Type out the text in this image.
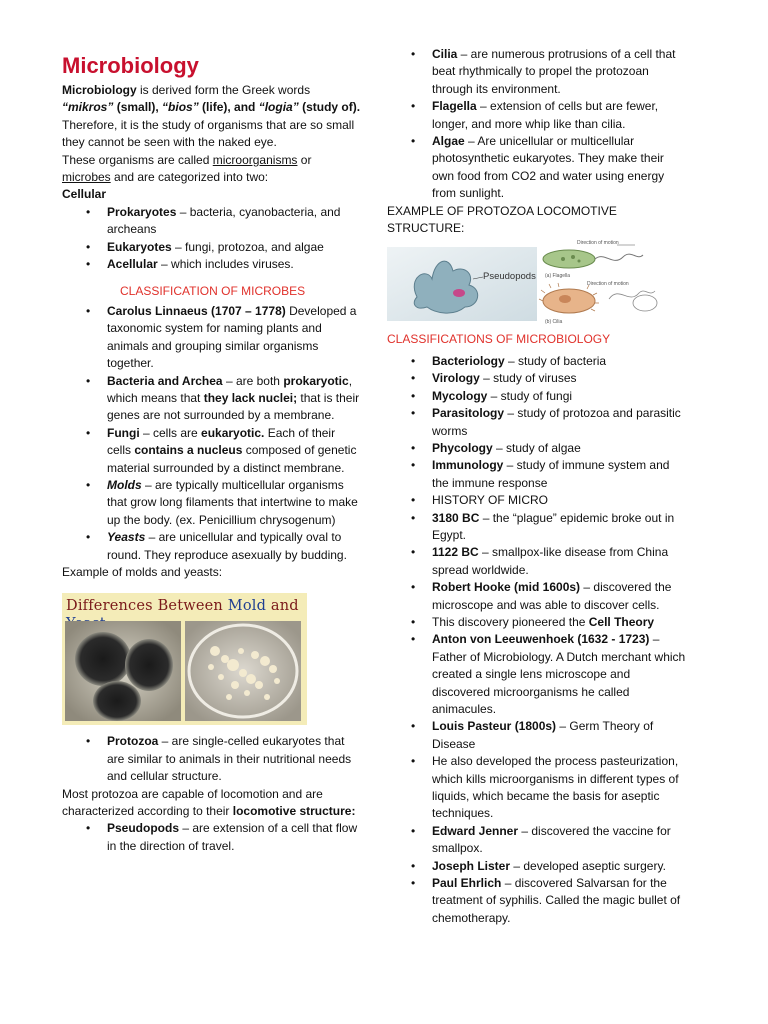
Microbiology

Microbiology is derived form the Greek words “mikros” (small), “bios” (life), and “logia” (study of).

Therefore, it is the study of organisms that are so small they cannot be seen with the naked eye.

These organisms are called microorganisms or microbes and are categorized into two:

Cellular

• Prokaryotes – bacteria, cyanobacteria, and archeans
• Eukaryotes – fungi, protozoa, and algae
• Acellular – which includes viruses.

CLASSIFICATION OF MICROBES

• Carolus Linnaeus (1707 – 1778) Developed a taxonomic system for naming plants and animals and grouping similar organisms together.
• Bacteria and Archea – are both prokaryotic, which means that they lack nuclei; that is their genes are not surrounded by a membrane.
• Fungi – cells are eukaryotic. Each of their cells contains a nucleus composed of genetic material surrounded by a distinct membrane.
• Molds – are typically multicellular organisms that grow long filaments that intertwine to make up the body. (ex. Penicillium chrysogenum)
• Yeasts – are unicellular and typically oval to round. They reproduce asexually by budding.

Example of molds and yeasts:

Differences Between Mold and
• Protozoa – are single-celled eukaryotes that are similar to animals in their nutritional needs and cellular structure.

Most protozoa are capable of locomotion and are characterized according to their locomotive structure:

• Pseudopods – are extension of a cell that flow in the direction of travel.
• Cilia – are numerous protrusions of a cell that beat rhythmically to propel the protozoan through its environment.
• Flagella – extension of cells but are fewer, longer, and more whip like than cilia.
• Algae – Are unicellular or multicellular photosynthetic eukaryotes. They make their own food from CO2 and water using energy from sunlight.

EXAMPLE OF PROTOZOA LOCOMOTIVE STRUCTURE:

Pseudopods
Direction of motion
(a) Flagella
Direction of motion
(b) Cilia

CLASSIFICATIONS OF MICROBIOLOGY

• Bacteriology – study of bacteria
• Virology – study of viruses
• Mycology – study of fungi
• Parasitology – study of protozoa and parasitic worms
• Phycology – study of algae
• Immunology – study of immune system and the immune response
• HISTORY OF MICRO
• 3180 BC – the “plague” epidemic broke out in Egypt.
• 1122 BC – smallpox-like disease from China spread worldwide.
• Robert Hooke (mid 1600s) – discovered the microscope and was able to discover cells.
• This discovery pioneered the Cell Theory
• Anton von Leeuwenhoek (1632 - 1723) – Father of Microbiology. A Dutch merchant which created a single lens microscope and discovered microorganisms he called animacules.
• Louis Pasteur (1800s) – Germ Theory of Disease
• He also developed the process pasteurization, which kills microorganisms in different types of liquids, which became the basis for aseptic techniques.
• Edward Jenner – discovered the vaccine for smallpox.
• Joseph Lister – developed aseptic surgery.
• Paul Ehrlich – discovered Salvarsan for the treatment of syphilis. Called the magic bullet of chemotherapy.
